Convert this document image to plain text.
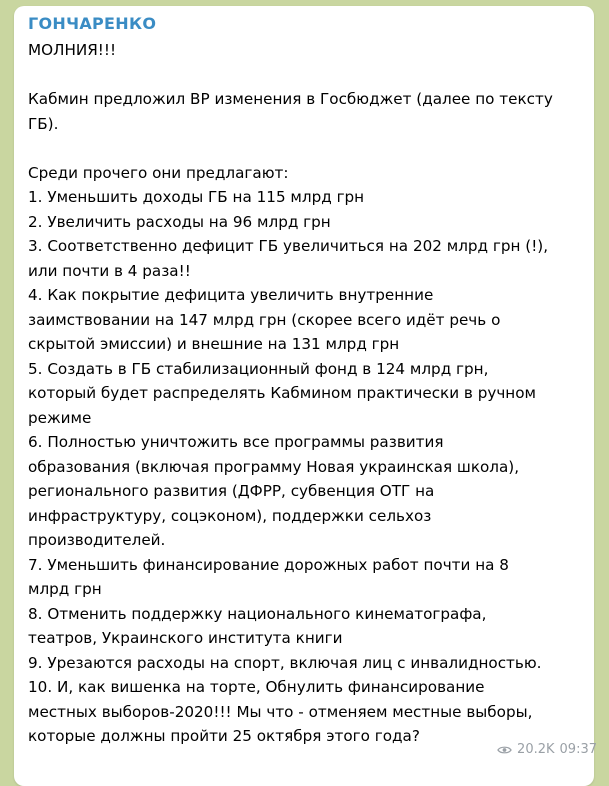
ГОНЧАРЕНКО
МОЛНИЯ!!!
Кабмин предложил ВР изменения в Госбюджет (далее по тексту
ГБ).
Среди прочего они предлагают:
1. Уменьшить доходы ГБ на 115 млрд грн
2. Увеличить расходы на 96 млрд грн
3. Соответственно дефицит ГБ увеличиться на 202 млрд грн (!),
или почти в 4 раза!!
4. Как покрытие дефицита увеличить внутренние
заимствовании на 147 млрд грн (скорее всего идёт речь о
скрытой эмиссии) и внешние на 131 млрд грн
5. Создать в ГБ стабилизационный фонд в 124 млрд грн,
который будет распределять Кабмином практически в ручном
режиме
6. Полностью уничтожить все программы развития
образования (включая программу Новая украинская школа),
регионального развития (ДФРР, субвенция ОТГ на
инфраструктуру, соцэконом), поддержки сельхоз
производителей.
7. Уменьшить финансирование дорожных работ почти на 8
млрд грн
8. Отменить поддержку национального кинематографа,
театров, Украинского института книги
9. Урезаются расходы на спорт, включая лиц с инвалидностью.
10. И, как вишенка на торте, Обнулить финансирование
местных выборов-2020!!! Мы что - отменяем местные выборы,
которые должны пройти 25 октября этого года?
20.2K 09:37
